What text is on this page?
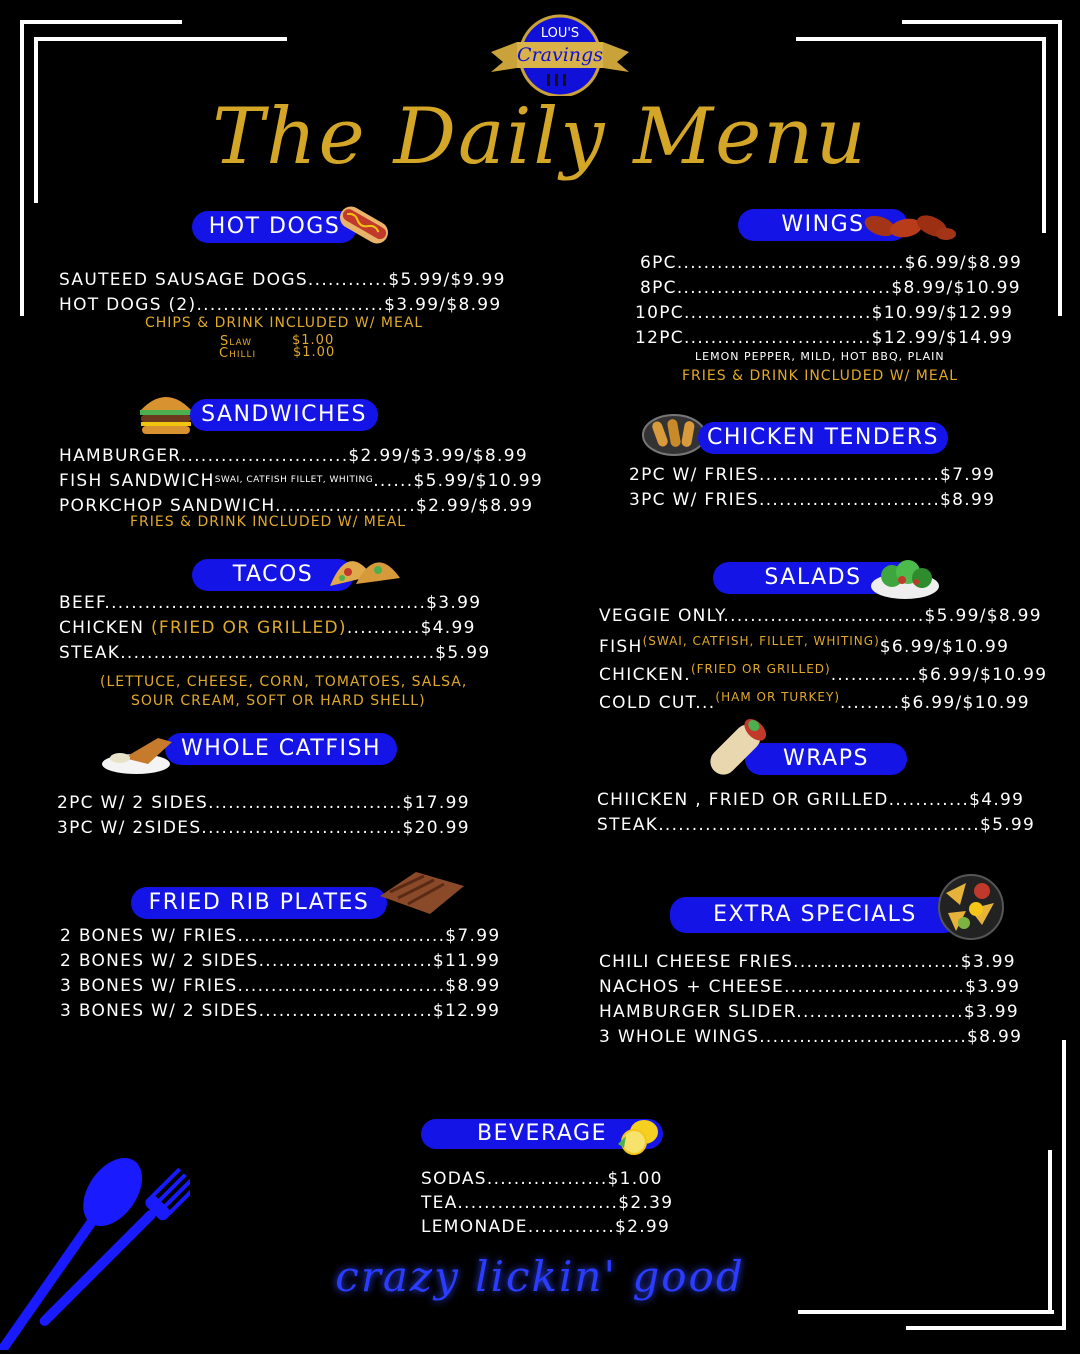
LOU'S
Cravings
The Daily Menu
HOT DOGS
SAUTEED SAUSAGE DOGS............$5.99/$9.99
HOT DOGS (2)............................$3.99/$8.99
CHIPS & DRINK INCLUDED W/ MEAL
Slaw	$1.00
Chilli	$1.00
SANDWICHES
HAMBURGER.........................$2.99/$3.99/$8.99
FISH $SANDWICH^{SWAI, CATFISH FILLET, WHITING}......\$5.99/\$10.99$
PORKCHOP SANDWICH.....................$2.99/$8.99
FRIES & DRINK INCLUDED W/ MEAL
TACOS
BEEF................................................$3.99
CHICKEN (FRIED OR GRILLED)...........$4.99
STEAK...............................................$5.99
(LETTUCE, CHEESE, CORN, TOMATOES, SALSA,
SOUR CREAM, SOFT OR HARD SHELL)
WHOLE CATFISH
2PC W/ 2 SIDES.............................$17.99
3PC W/ 2SIDES..............................$20.99
FRIED RIB PLATES
2 BONES W/ FRIES...............................$7.99
2 BONES W/ 2 SIDES..........................$11.99
3 BONES W/ FRIES...............................$8.99
3 BONES W/ 2 SIDES..........................$12.99
WINGS
6PC..................................$6.99/$8.99
8PC................................$8.99/$10.99
10PC............................$10.99/$12.99
12PC............................$12.99/$14.99
LEMON PEPPER, MILD, HOT BBQ, PLAIN
FRIES & DRINK INCLUDED W/ MEAL
CHICKEN TENDERS
2PC W/ FRIES...........................$7.99
3PC W/ FRIES...........................$8.99
SALADS
VEGGIE ONLY..............................$5.99/$8.99
$FISH^{(SWAI, CATFISH, FILLET, WHITING)}\$6.99/\$10.99$
CHICKEN.$^{(FRIED OR GRILLED)}$.............$6.99/$10.99
COLD CUT...$^{(HAM OR TURKEY)}$.........$6.99/$10.99
WRAPS
CHIICKEN , FRIED OR GRILLED............$4.99
STEAK................................................$5.99
EXTRA SPECIALS
CHILI CHEESE FRIES.........................$3.99
NACHOS + CHEESE...........................$3.99
HAMBURGER SLIDER.........................$3.99
3 WHOLE WINGS...............................$8.99
BEVERAGE
SODAS..................$1.00
TEA........................$2.39
LEMONADE.............$2.99
crazy lickin' good
